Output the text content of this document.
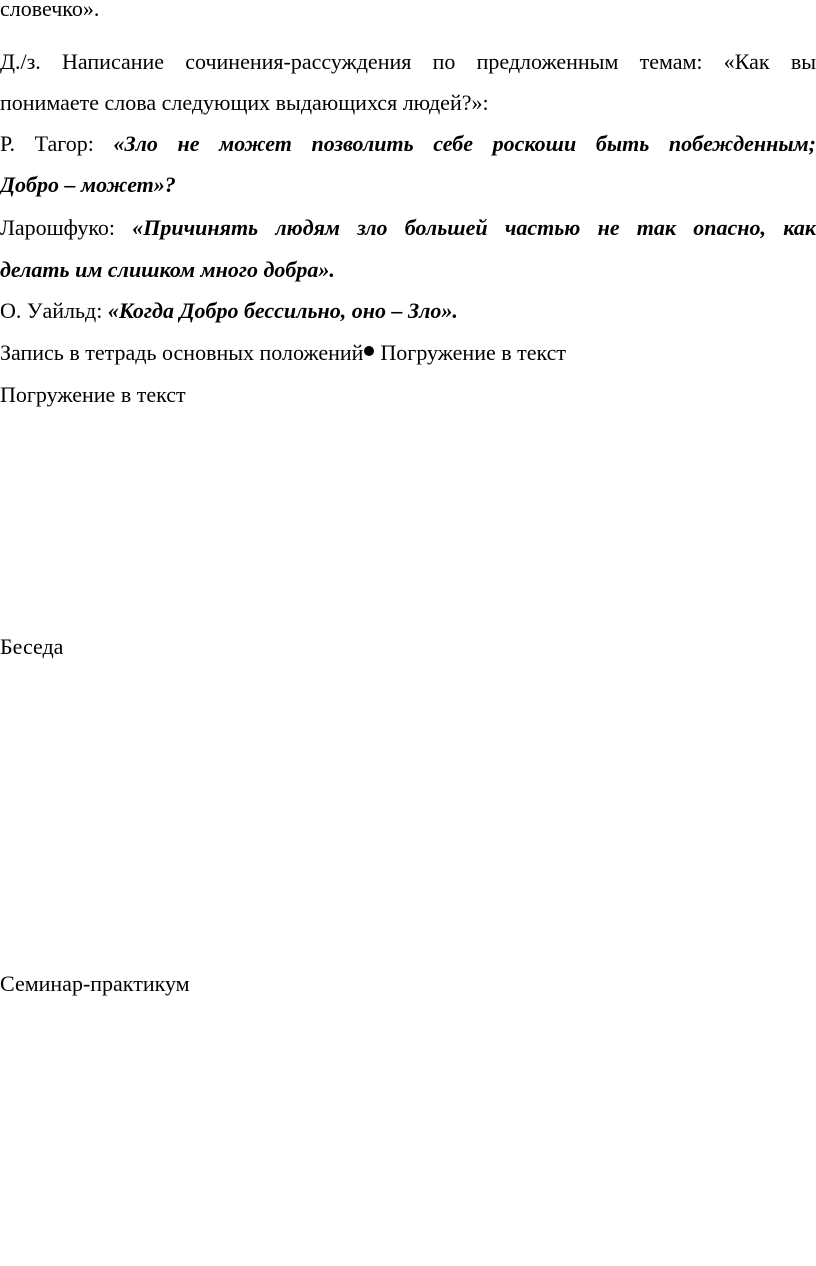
словечко».
Д./з. Написание сочинения-рассуждения по предложенным темам: «Как вы
понимаете слова следующих выдающихся людей?»:
Р. Тагор: «Зло не может позволить себе роскоши быть побежденным;
Добро – может»?
Ларошфуко: «Причинять людям зло большей частью не так опасно, как
делать им слишком много добра».
О. Уайльд: «Когда Добро бессильно, оно – Зло».
Запись в тетрадь основных положений Погружение в текст
Погружение в текст
Беседа
Семинар-практикум
